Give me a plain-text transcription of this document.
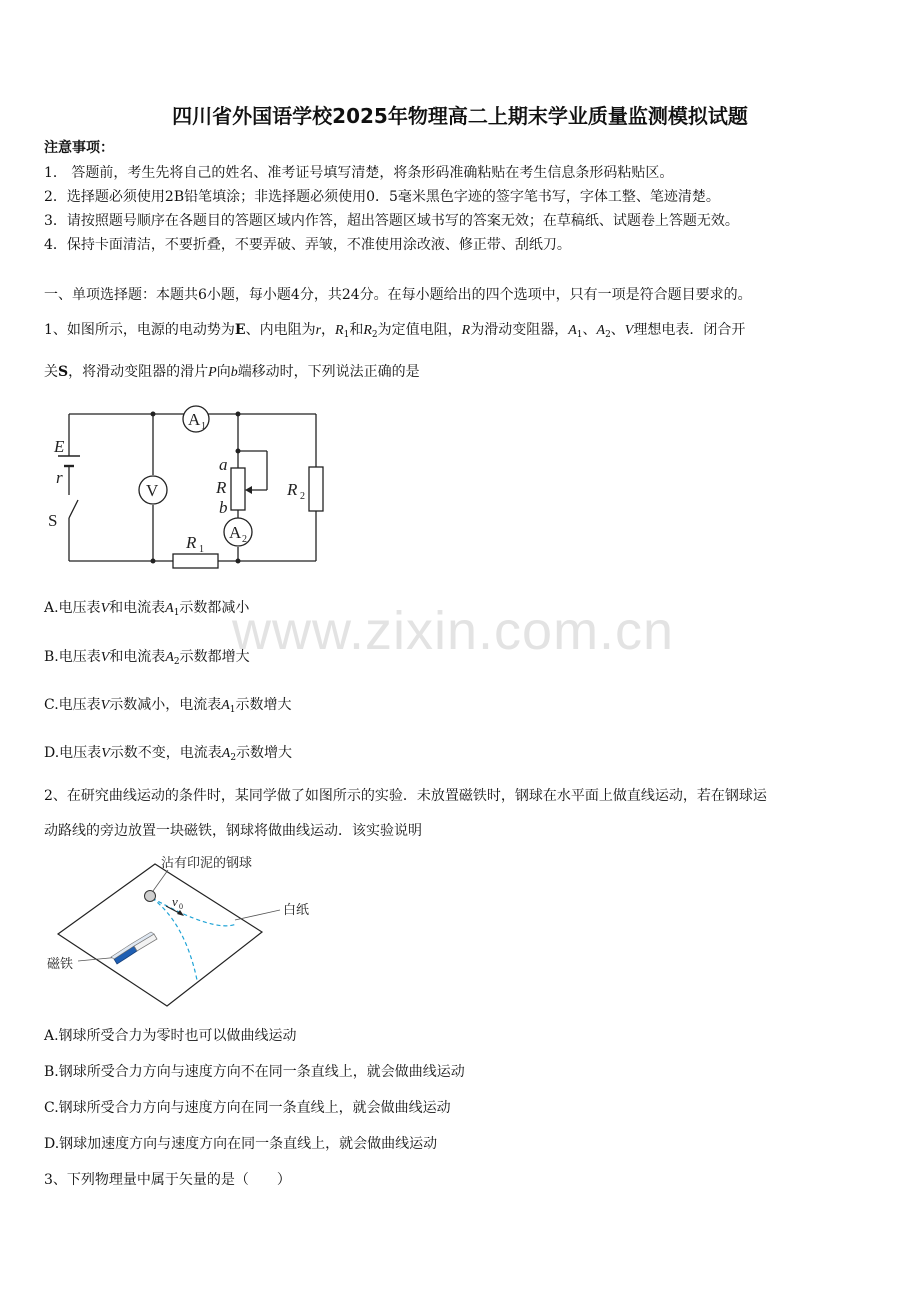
四川省外国语学校2025年物理高二上期末学业质量监测模拟试题
注意事项：
1． 答题前，考生先将自己的姓名、准考证号填写清楚，将条形码准确粘贴在考生信息条形码粘贴区。
2．选择题必须使用2B铅笔填涂；非选择题必须使用0．5毫米黑色字迹的签字笔书写，字体工整、笔迹清楚。
3．请按照题号顺序在各题目的答题区域内作答，超出答题区域书写的答案无效；在草稿纸、试题卷上答题无效。
4．保持卡面清洁，不要折叠，不要弄破、弄皱，不准使用涂改液、修正带、刮纸刀。
一、单项选择题：本题共6小题，每小题4分，共24分。在每小题给出的四个选项中，只有一项是符合题目要求的。
1、如图所示，电源的电动势为E、内电阻为r，$R_1$和$R_2$为定值电阻，R为滑动变阻器，$A_1$、$A_2$、V理想电表．闭合开
关S，将滑动变阻器的滑片P向b端移动时，下列说法正确的是
E
r
S
V
A 1
A 2
a
R
b
R 2
R 1
www.zixin.com.cn
A.电压表V和电流表$A_1$示数都减小
B.电压表V和电流表$A_2$示数都增大
C.电压表V示数减小，电流表$A_1$示数增大
D.电压表V示数不变，电流表$A_2$示数增大
2、在研究曲线运动的条件时，某同学做了如图所示的实验．未放置磁铁时，钢球在水平面上做直线运动，若在钢球运
动路线的旁边放置一块磁铁，钢球将做曲线运动．该实验说明
沾有印泥的钢球
白纸
磁铁
v 0
A.钢球所受合力为零时也可以做曲线运动
B.钢球所受合力方向与速度方向不在同一条直线上，就会做曲线运动
C.钢球所受合力方向与速度方向在同一条直线上，就会做曲线运动
D.钢球加速度方向与速度方向在同一条直线上，就会做曲线运动
3、下列物理量中属于矢量的是（　　）
